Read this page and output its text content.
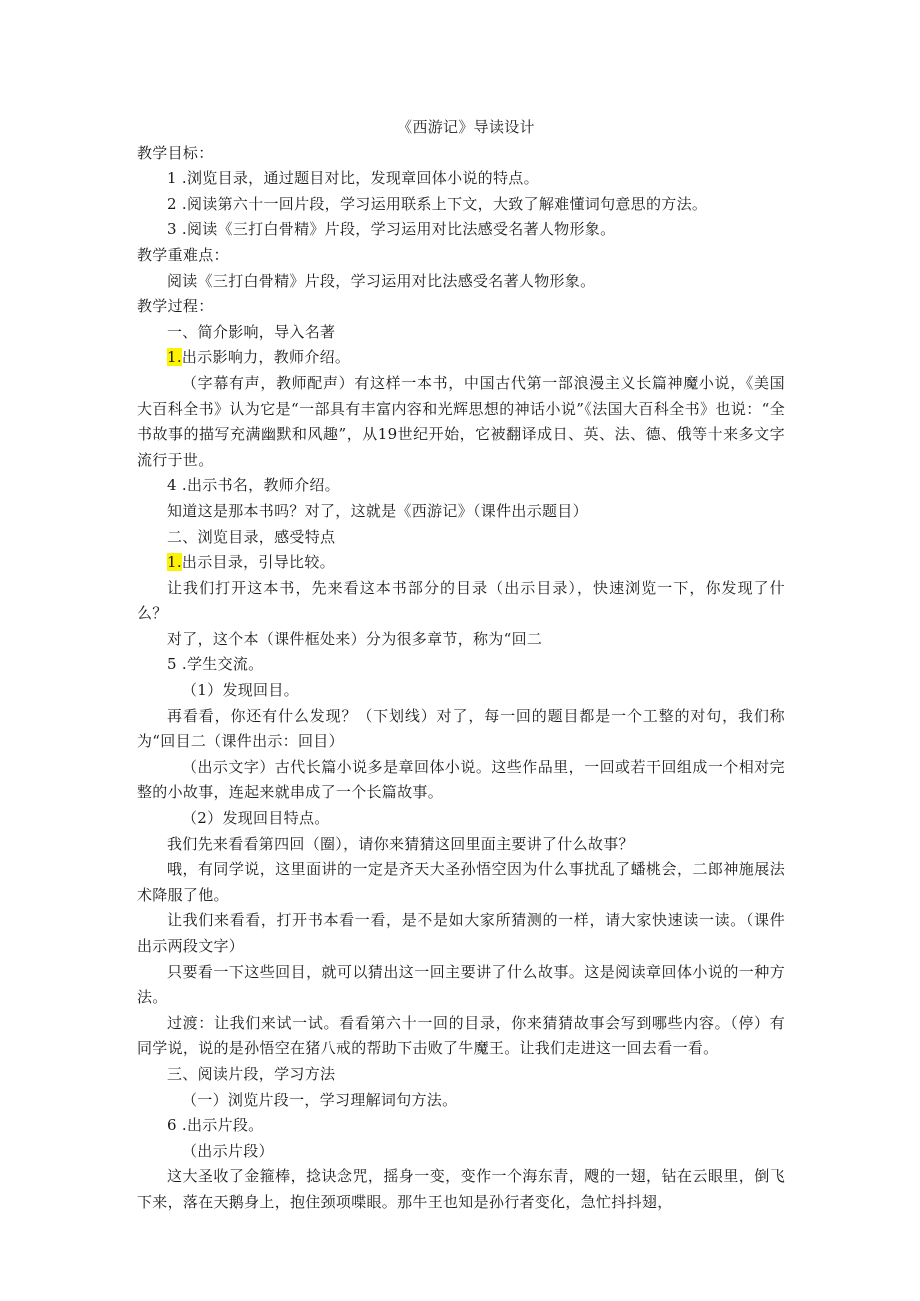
《西游记》导读设计

教学目标：

1 .浏览目录，通过题目对比，发现章回体小说的特点。

2 .阅读第六十一回片段，学习运用联系上下文，大致了解难懂词句意思的方法。

3 .阅读《三打白骨精》片段，学习运用对比法感受名著人物形象。

教学重难点：

阅读《三打白骨精》片段，学习运用对比法感受名著人物形象。

教学过程：

一、简介影响，导入名著

1.出示影响力，教师介绍。

（字幕有声，教师配声）有这样一本书，中国古代第一部浪漫主义长篇神魔小说，《美国大百科全书》认为它是“一部具有丰富内容和光辉思想的神话小说”《法国大百科全书》也说：“全书故事的描写充满幽默和风趣”，从19世纪开始，它被翻译成日、英、法、德、俄等十来多文字流行于世。

4 .出示书名，教师介绍。

知道这是那本书吗？对了，这就是《西游记》（课件出示题目）

二、浏览目录，感受特点

1.出示目录，引导比较。

让我们打开这本书，先来看这本书部分的目录（出示目录），快速浏览一下，你发现了什么？

对了，这个本（课件框处来）分为很多章节，称为“回二

5 .学生交流。

（1）发现回目。

再看看，你还有什么发现？（下划线）对了，每一回的题目都是一个工整的对句，我们称为“回目二（课件出示：回目）

（出示文字）古代长篇小说多是章回体小说。这些作品里，一回或若干回组成一个相对完整的小故事，连起来就串成了一个长篇故事。

（2）发现回目特点。

我们先来看看第四回（圈），请你来猜猜这回里面主要讲了什么故事？

哦，有同学说，这里面讲的一定是齐天大圣孙悟空因为什么事扰乱了蟠桃会，二郎神施展法术降服了他。

让我们来看看，打开书本看一看，是不是如大家所猜测的一样，请大家快速读一读。（课件出示两段文字）

只要看一下这些回目，就可以猜出这一回主要讲了什么故事。这是阅读章回体小说的一种方法。

过渡：让我们来试一试。看看第六十一回的目录，你来猜猜故事会写到哪些内容。（停）有同学说，说的是孙悟空在猪八戒的帮助下击败了牛魔王。让我们走进这一回去看一看。

三、阅读片段，学习方法

（一）浏览片段一，学习理解词句方法。

6 .出示片段。

（出示片段）

这大圣收了金箍棒，捻诀念咒，摇身一变，变作一个海东青，飕的一翅，钻在云眼里，倒飞下来，落在天鹅身上，抱住颈项喋眼。那牛王也知是孙行者变化，急忙抖抖翅，
